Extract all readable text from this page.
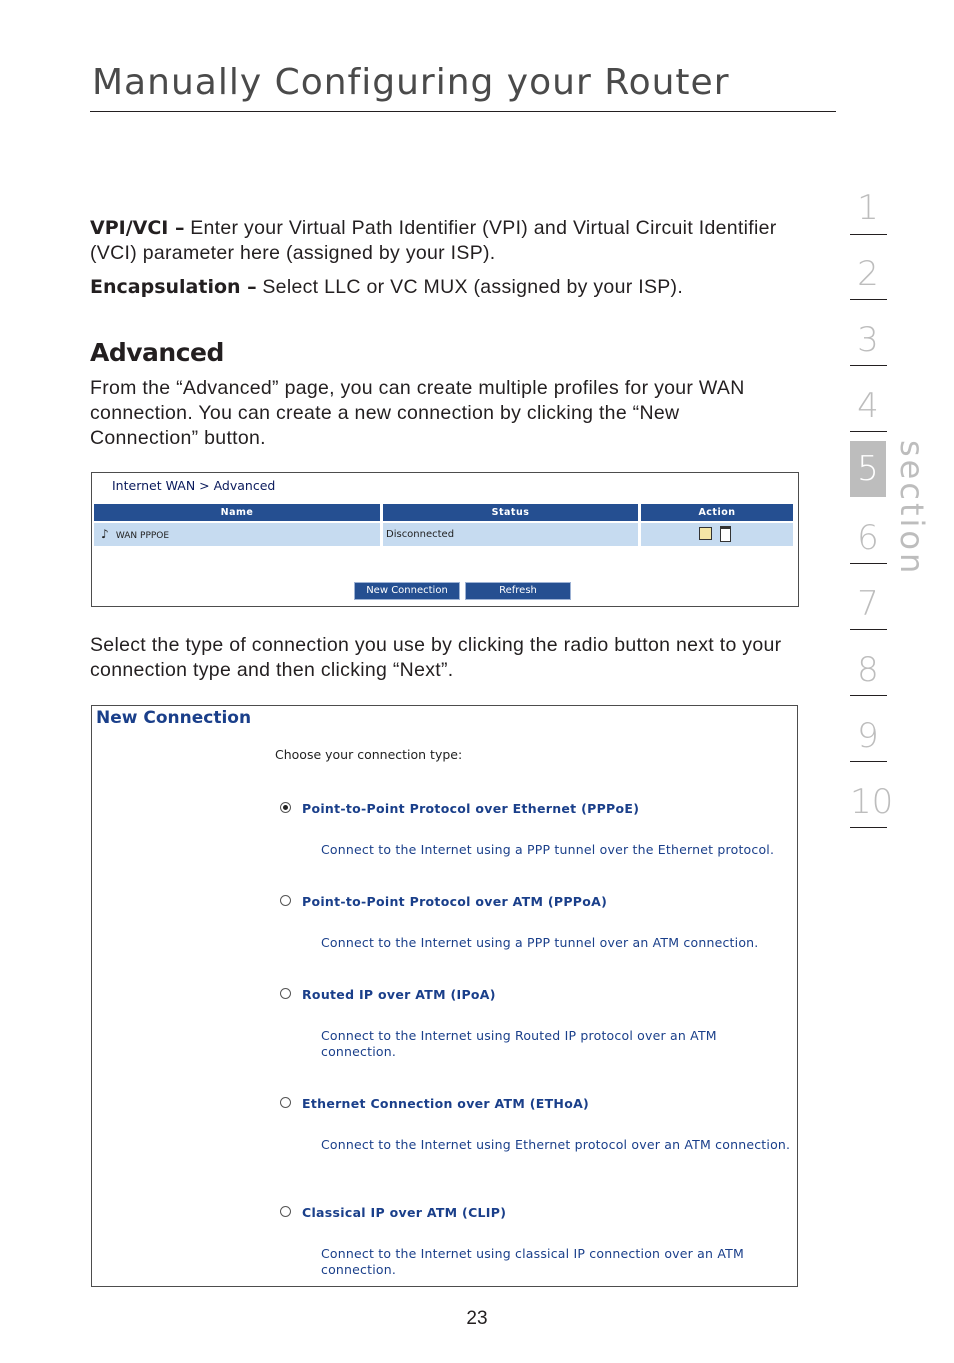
Manually Configuring your Router
VPI/VCI – Enter your Virtual Path Identifier (VPI) and Virtual Circuit Identifier (VCI) parameter here (assigned by your ISP).
Encapsulation – Select LLC or VC MUX (assigned by your ISP).
Advanced
From the “Advanced” page, you can create multiple profiles for your WAN connection. You can create a new connection by clicking the “New Connection” button.
Internet WAN > Advanced
Name	Status	Action
♪ WAN PPPOE	Disconnected
New Connection	Refresh
Select the type of connection you use by clicking the radio button next to your connection type and then clicking “Next”.
New Connection
Choose your connection type:
Point-to-Point Protocol over Ethernet (PPPoE)
Connect to the Internet using a PPP tunnel over the Ethernet protocol.
Point-to-Point Protocol over ATM (PPPoA)
Connect to the Internet using a PPP tunnel over an ATM connection.
Routed IP over ATM (IPoA)
Connect to the Internet using Routed IP protocol over an ATM connection.
Ethernet Connection over ATM (ETHoA)
Connect to the Internet using Ethernet protocol over an ATM connection.
Classical IP over ATM (CLIP)
Connect to the Internet using classical IP connection over an ATM connection.
1
2
3
4
5
6
7
8
9
10
section
23
